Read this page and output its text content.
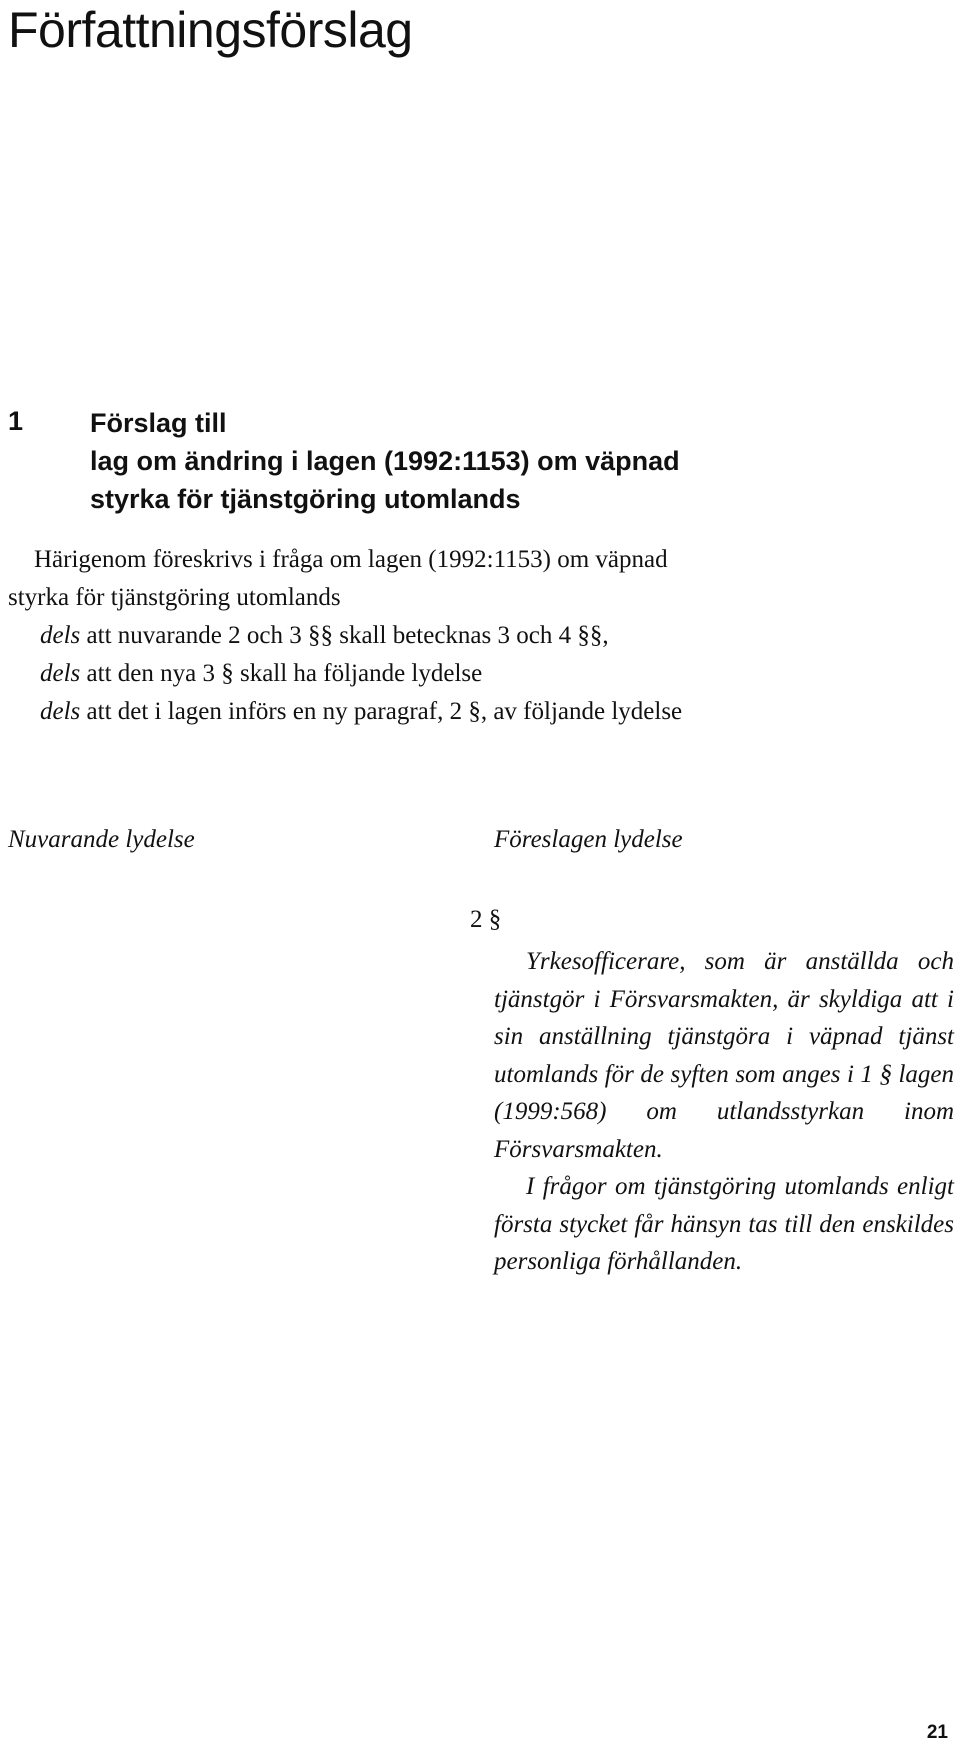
Författningsförslag
1 Förslag till
lag om ändring i lagen (1992:1153) om väpnad
styrka för tjänstgöring utomlands
Härigenom föreskrivs i fråga om lagen (1992:1153) om väpnad
styrka för tjänstgöring utomlands
dels att nuvarande 2 och 3 §§ skall betecknas 3 och 4 §§,
dels att den nya 3 § skall ha följande lydelse
dels att det i lagen införs en ny paragraf, 2 §, av följande lydelse
Nuvarande lydelse	Föreslagen lydelse
2 §

Yrkesofficerare, som är anställda och tjänstgör i Försvarsmakten, är skyldiga att i sin anställning tjänstgöra i väpnad tjänst utomlands för de syften som anges i 1 § lagen (1999:568) om utlandsstyrkan inom Försvarsmakten.

I frågor om tjänstgöring utomlands enligt första stycket får hänsyn tas till den enskildes personliga förhållanden.

21
